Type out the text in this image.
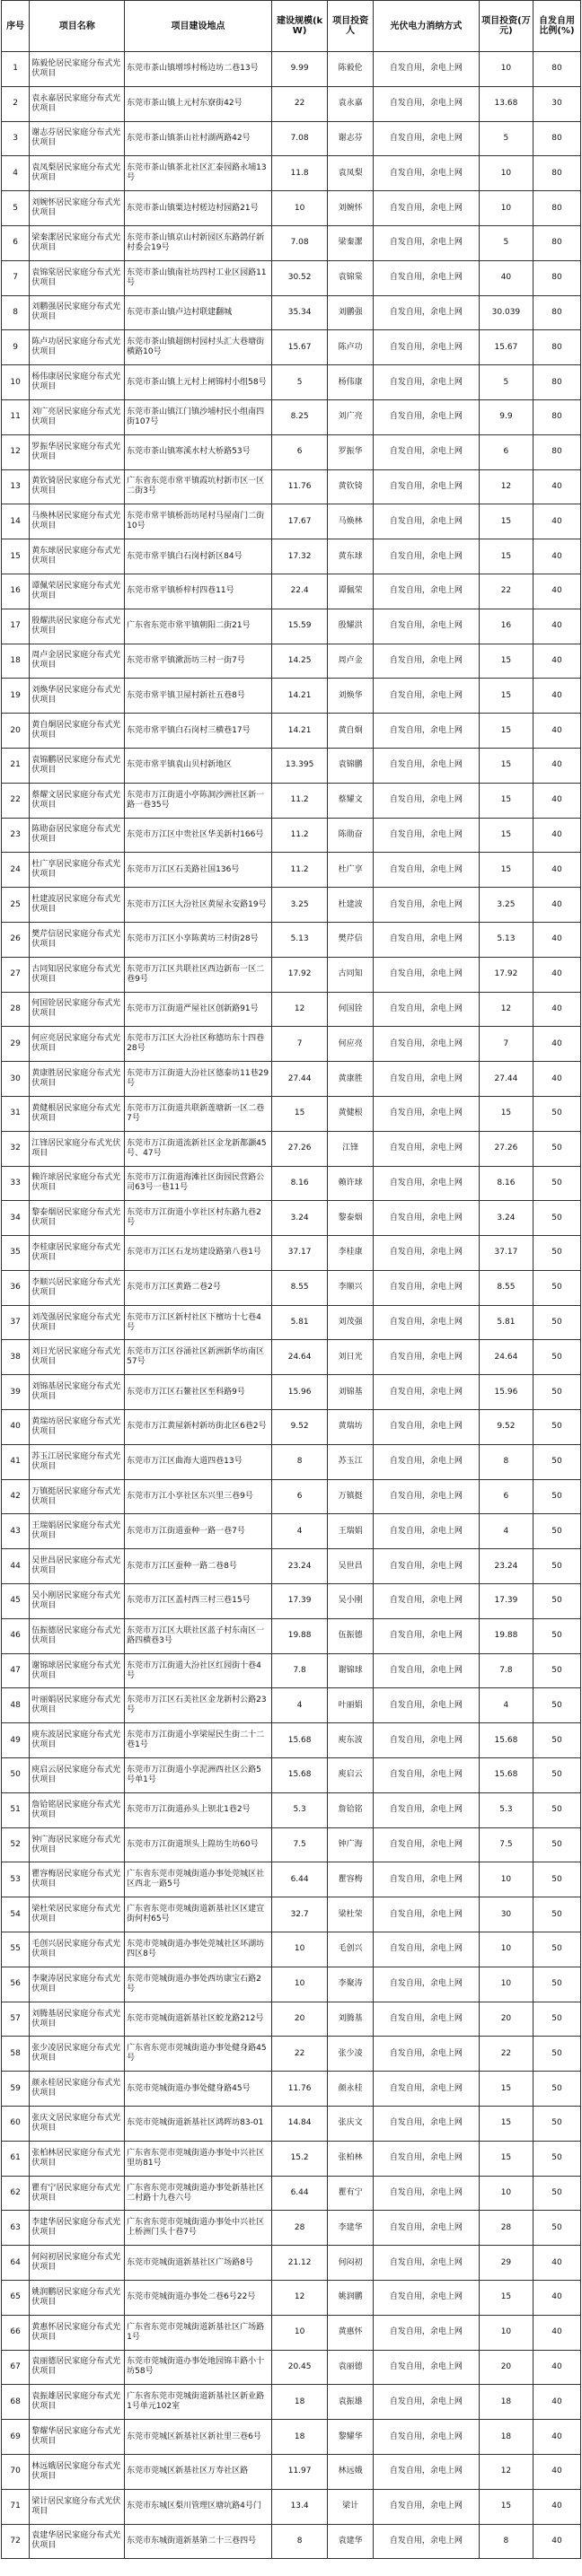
序号	项目名称	项目建设地点	建设规模(kW)	项目投资人	光伏电力消纳方式	项目投资(万元)	自发自用比例(%)
1	陈毅伦居民家庭分布式光伏项目	东莞市茶山镇增埗村杨边坊二巷13号	9.99	陈毅伦	自发自用，余电上网	10	80
2	袁永嘉居民家庭分布式光伏项目	东莞市茶山镇上元村东寮街42号	22	袁永嘉	自发自用，余电上网	13.68	30
3	谢志芬居民家庭分布式光伏项目	东莞市茶山镇茶山社村湖两路42号	7.08	谢志芬	自发自用，余电上网	5	80
4	袁凤梨居民家庭分布式光伏项目	东莞市茶山镇茶北社区汇泰园路永埔13号	11.8	袁凤梨	自发自用，余电上网	10	80
5	刘婉怀居民家庭分布式光伏项目	东莞市茶山镇粟边村槎边村园路21号	10	刘婉怀	自发自用，余电上网	10	80
6	梁秦潔居民家庭分布式光伏项目	东莞市茶山镇京山村新园区东路鸽仔新村委会19号	7.08	梁秦潔	自发自用，余电上网	5	80
7	袁锦棠居民家庭分布式光伏项目	东莞市茶山镇南社坊四村工业区园路11号	30.52	袁锦棠	自发自用，余电上网	40	80
8	刘鹏强居民家庭分布式光伏项目	东莞市茶山镇卢边村联建翻城	35.34	刘鹏强	自发自用，余电上网	30.039	80
9	陈卢功居民家庭分布式光伏项目	东莞市茶山镇超朗村园村头汇大巷塘街横路10号	15.67	陈卢功	自发自用，余电上网	15.67	80
10	杨伟康居民家庭分布式光伏项目	东莞市茶山镇上元村上闸锦村小组58号	5	杨伟康	自发自用，余电上网	5	80
11	刘广亮居民家庭分布式光伏项目	东莞市茶山镇江门镇沙埔村民小组南四街107号	8.25	刘广亮	自发自用，余电上网	9.9	80
12	罗振华居民家庭分布式光伏项目	东莞市茶山镇寒溪水村大桥路53号	6	罗振华	自发自用，余电上网	6	80
13	黄钦锜居民家庭分布式光伏项目	广东省东莞市常平镇霞坑村新市区一区二街3号	11.76	黄钦锜	自发自用，余电上网	12	40
14	马焕林居民家庭分布式光伏项目	东莞市常平镇桥沥坊尾村马屋南门二街10号	17.67	马焕林	自发自用，余电上网	15	40
15	黄东球居民家庭分布式光伏项目	东莞市常平镇白石岗村新区84号	17.32	黄东球	自发自用，余电上网	15	40
16	谭佩荣居民家庭分布式光伏项目	东莞市常平镇桥梓村四巷11号	22.4	谭佩荣	自发自用，余电上网	22	40
17	殷耀洪居民家庭分布式光伏项目	广东省东莞市常平镇朝阳二街21号	15.59	殷耀洪	自发自用，余电上网	16	40
18	周卢金居民家庭分布式光伏项目	东莞市常平镇漱沥坊三村一街7号	14.25	周卢金	自发自用，余电上网	15	40
19	刘焕华居民家庭分布式光伏项目	东莞市常平镇卫屋村新社五巷8号	14.21	刘焕华	自发自用，余电上网	15	40
20	黄自炯居民家庭分布式光伏项目	东莞市常平镇白石岗村三横巷17号	14.21	黄自炯	自发自用，余电上网	15	40
21	袁锦鹏居民家庭分布式光伏项目	东莞市常平镇袁山贝村新地区	13.395	袁锦鹏	自发自用，余电上网	15	40
22	蔡耀文居民家庭分布式光伏项目	东莞市万江街道小亭陈洞沙洲社区新一路一巷35号	11.2	蔡耀文	自发自用，余电上网	15	40
23	陈勋奋居民家庭分布式光伏项目	东莞市万江区中贵社区华美新村166号	11.2	陈勋奋	自发自用，余电上网	15	40
24	杜广享居民家庭分布式光伏项目	东莞市万江区石美路社国136号	11.2	杜广享	自发自用，余电上网	15	40
25	杜建波居民家庭分布式光伏项目	东莞市万江区大汾社区黄屋永安路19号	3.25	杜建波	自发自用，余电上网	3.25	40
26	樊芹信居民家庭分布式光伏项目	东莞市万江区小享陈黄坊三村街28号	5.13	樊芹信	自发自用，余电上网	5.13	40
27	古同知居民家庭分布式光伏项目	东莞市万江区共联社区西边新布一区二巷9号	17.92	古同知	自发自用，余电上网	17.92	40
28	何国铨居民家庭分布式光伏项目	东莞市万江街道严屋社区创新路91号	12	何国铨	自发自用，余电上网	12	40
29	何应亮居民家庭分布式光伏项目	东莞市万江区大汾社区称德坊东十四巷28号	7	何应亮	自发自用，余电上网	7	40
30	黄康胜居民家庭分布式光伏项目	东莞市万江街道大汾社区德泰坊11巷29号	27.44	黄康胜	自发自用，余电上网	27.44	40
31	黄健根居民家庭分布式光伏项目	东莞市万江街道共联新莲塘新一区二巷7号	15	黄健根	自发自用，余电上网	15	50
32	江锋居民家庭分布式光伏项目	东莞市万江街道流新社区金龙新都灏45号、47号	27.26	江锋	自发自用，余电上网	27.26	50
33	赖许球居民家庭分布式光伏项目	东莞市万江街道海滩社区街园民营路公司63号一巷11号	8.16	赖许球	自发自用，余电上网	8.16	50
34	黎泰烟居民家庭分布式光伏项目	东莞市万江街道小享社区村东路九巷2号	3.24	黎泰烟	自发自用，余电上网	3.24	50
35	李桂康居民家庭分布式光伏项目	东莞市万江区石龙坊建设路第八巷1号	37.17	李桂康	自发自用，余电上网	37.17	50
36	李顺兴居民家庭分布式光伏项目	东莞市万江区黄路二巷2号	8.55	李顺兴	自发自用，余电上网	8.55	50
37	刘茂强居民家庭分布式光伏项目	东莞市万江区新村社区下檀坊十七巷4号	5.81	刘茂强	自发自用，余电上网	5.81	50
38	刘日光居民家庭分布式光伏项目	东莞市万江区谷涌社区新洲新华坊南区57号	24.64	刘日光	自发自用，余电上网	24.64	50
39	刘锦基居民家庭分布式光伏项目	东莞市万江区石鳌社区至科路9号	15.96	刘锦基	自发自用，余电上网	15.96	50
40	黄瑞坊居民家庭分布式光伏项目	东莞市万江黄屋新村新坊街北区6巷2号	9.52	黄瑞坊	自发自用，余电上网	9.52	50
41	苏玉江居民家庭分布式光伏项目	东莞市万江区曲海大道四巷13号	8	苏玉江	自发自用，余电上网	8	50
42	万镇挺居民家庭分布式光伏项目	东莞市万江小享社区东兴里三巷9号	6	万镇挺	自发自用，余电上网	6	50
43	王瑞娟居民家庭分布式光伏项目	东莞市万江街道蚕种一路一巷7号	4	王瑞娟	自发自用，余电上网	4	50
44	吴世昌居民家庭分布式光伏项目	东莞市万江区蚕种一路二巷8号	23.24	吴世昌	自发自用，余电上网	23.24	50
45	吴小刚居民家庭分布式光伏项目	东莞市万江区盖村西三村三巷15号	17.39	吴小刚	自发自用，余电上网	17.39	50
46	伍振德居民家庭分布式光伏项目	东莞市万江区大联社区蓝子村东南区一路四横巷3号	19.88	伍振德	自发自用，余电上网	19.88	50
47	谢锦球居民家庭分布式光伏项目	东莞市万江街道大汾社区红园街十巷4号	7.8	谢锦球	自发自用，余电上网	7.8	50
48	叶丽娟居民家庭分布式光伏项目	东莞市万江区石美社区金龙新村公路23号	4	叶丽娟	自发自用，余电上网	4	50
49	庾东波居民家庭分布式光伏项目	东莞市万江街道小享梁屋民生街二十二巷1号	15.68	庾东波	自发自用，余电上网	15.68	50
50	庾启云居民家庭分布式光伏项目	东莞市万江街道小享泥洲西社区公路5号单1号	15.68	庾启云	自发自用，余电上网	15.68	50
51	詹铪铭居民家庭分布式光伏项目	东莞市万江街道孙头上钡北1巷2号	5.3	詹铪铭	自发自用，余电上网	5.3	50
52	钟广海居民家庭分布式光伏项目	东莞市万江街道坝头上隍坊生坊60号	7.5	钟广海	自发自用，余电上网	7.5	50
53	瞿容梅居民家庭分布式光伏项目	广东省东莞市莞城街道办事处莞城区社区西北一路5号	6.44	瞿容梅	自发自用，余电上网	10	50
54	梁杜荣居民家庭分布式光伏项目	广东省东莞市莞城街道新基社区区建宣街何村65号	32.7	梁杜荣	自发自用，余电上网	30	50
55	毛创兴居民家庭分布式光伏项目	东莞市莞城街道办事处莞城社区环湖坊四区8号	10	毛创兴	自发自用，余电上网	10	50
56	李聚涛居民家庭分布式光伏项目	东莞市莞城街道办事处西坊康宝石路2号	10	李聚涛	自发自用，余电上网	10	50
57	刘腾基居民家庭分布式光伏项目	东莞市莞城街道新基社区蛟龙路212号	20	刘腾基	自发自用，余电上网	20	50
58	张少凌居民家庭分布式光伏项目	广东省东莞市莞城街道办事处健身路45号	22	张少凌	自发自用，余电上网	22	50
59	颜永桂居民家庭分布式光伏项目	东莞市莞城街道办事处健身路45号	11.76	颜永桂	自发自用，余电上网	15	50
60	张庆文居民家庭分布式光伏项目	东莞市莞城街道新基社区鸿晖坊83-01	14.84	张庆文	自发自用，余电上网	15	50
61	张柏林居民家庭分布式光伏项目	广东省东莞市莞城街道办事处中兴社区里坊81号	15.2	张柏林	自发自用，余电上网	15	50
62	瞿有宁居民家庭分布式光伏项目	广东省东莞市莞城街道办事处新基社区二村路十九巷六号	6.44	瞿有宁	自发自用，余电上网	10	50
63	李建华居民家庭分布式光伏项目	广东省东莞市莞城街道办事处中兴社区上桥洲门头十巷7号	28	李建华	自发自用，余电上网	28	50
64	何闷初居民家庭分布式光伏项目	东莞市莞城街道新基社区广场路8号	21.12	何闷初	自发自用，余电上网	29	40
65	姚润鹏居民家庭分布式光伏项目	东莞市莞城街道办事处二巷6号22号	12	姚润鹏	自发自用，余电上网	15	40
66	黄惠怀居民家庭分布式光伏项目	广东省东莞市莞城街道新基社区广场路1号	10	黄惠怀	自发自用，余电上网	10	40
67	袁丽德居民家庭分布式光伏项目	东莞市莞城街道办事处地园锦丰路小十坊58号	20.45	袁丽德	自发自用，余电上网	20	40
68	袁振雄居民家庭分布式光伏项目	广东省东莞市莞城街道新基社区新业路1号单元102室	18	袁振雄	自发自用，余电上网	18	40
69	黎耀华居民家庭分布式光伏项目	东莞市莞城区新基社区新社里三巷6号	18	黎耀华	自发自用，余电上网	18	40
70	林远娥居民家庭分布式光伏项目	东莞市莞城区新基社区万寿社区路	11.97	林远娥	自发自用，余电上网	12	40
71	梁计居民家庭分布式光伏项目	东莞市东城区梨川管理区塘坑路4号门	13.4	梁计	自发自用，余电上网	15	40
72	袁建华居民家庭分布式光伏项目	东莞市东城街道新基第二十三巷四号	8	袁建华	自发自用，余电上网	8	40
